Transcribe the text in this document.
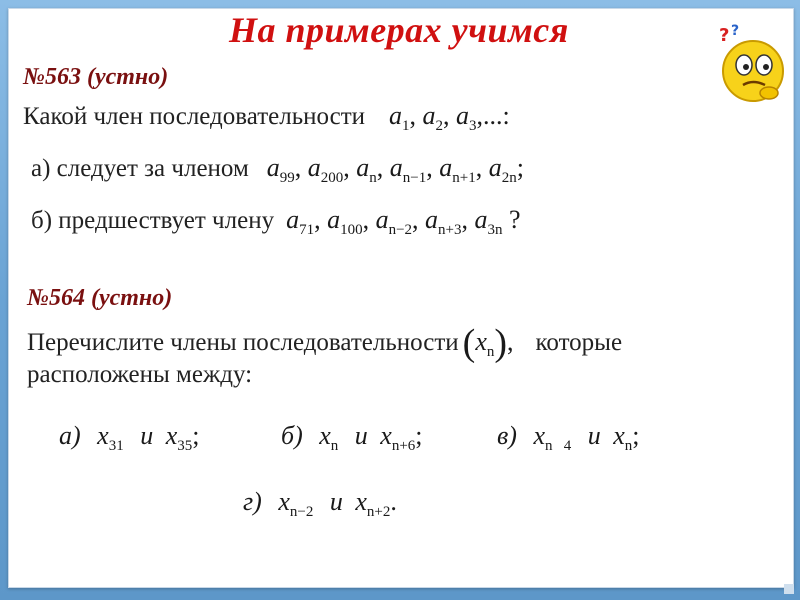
На примерах учимся	? ?
№563 (устно)
Какой член последовательности $a_1$, $a_2$, $a_3$,...:
а) следует за членом $a_{99}$, $a_{200}$, $a_n$, $a_{n-1}$, $a_{n+1}$, $a_{2n}$;
б) предшествует члену $a_{71}$, $a_{100}$, $a_{n-2}$, $a_{n+3}$, $a_{3n}$ ?
№564 (устно)
Перечислите члены последовательности $(x_n)$, которые
расположены между:
а) $x_{31}$ и $x_{35}$;	б) $x_n$ и $x_{n+6}$;	в) $x_{n 4}$ и $x_n$;
г) $x_{n-2}$ и $x_{n+2}$.
